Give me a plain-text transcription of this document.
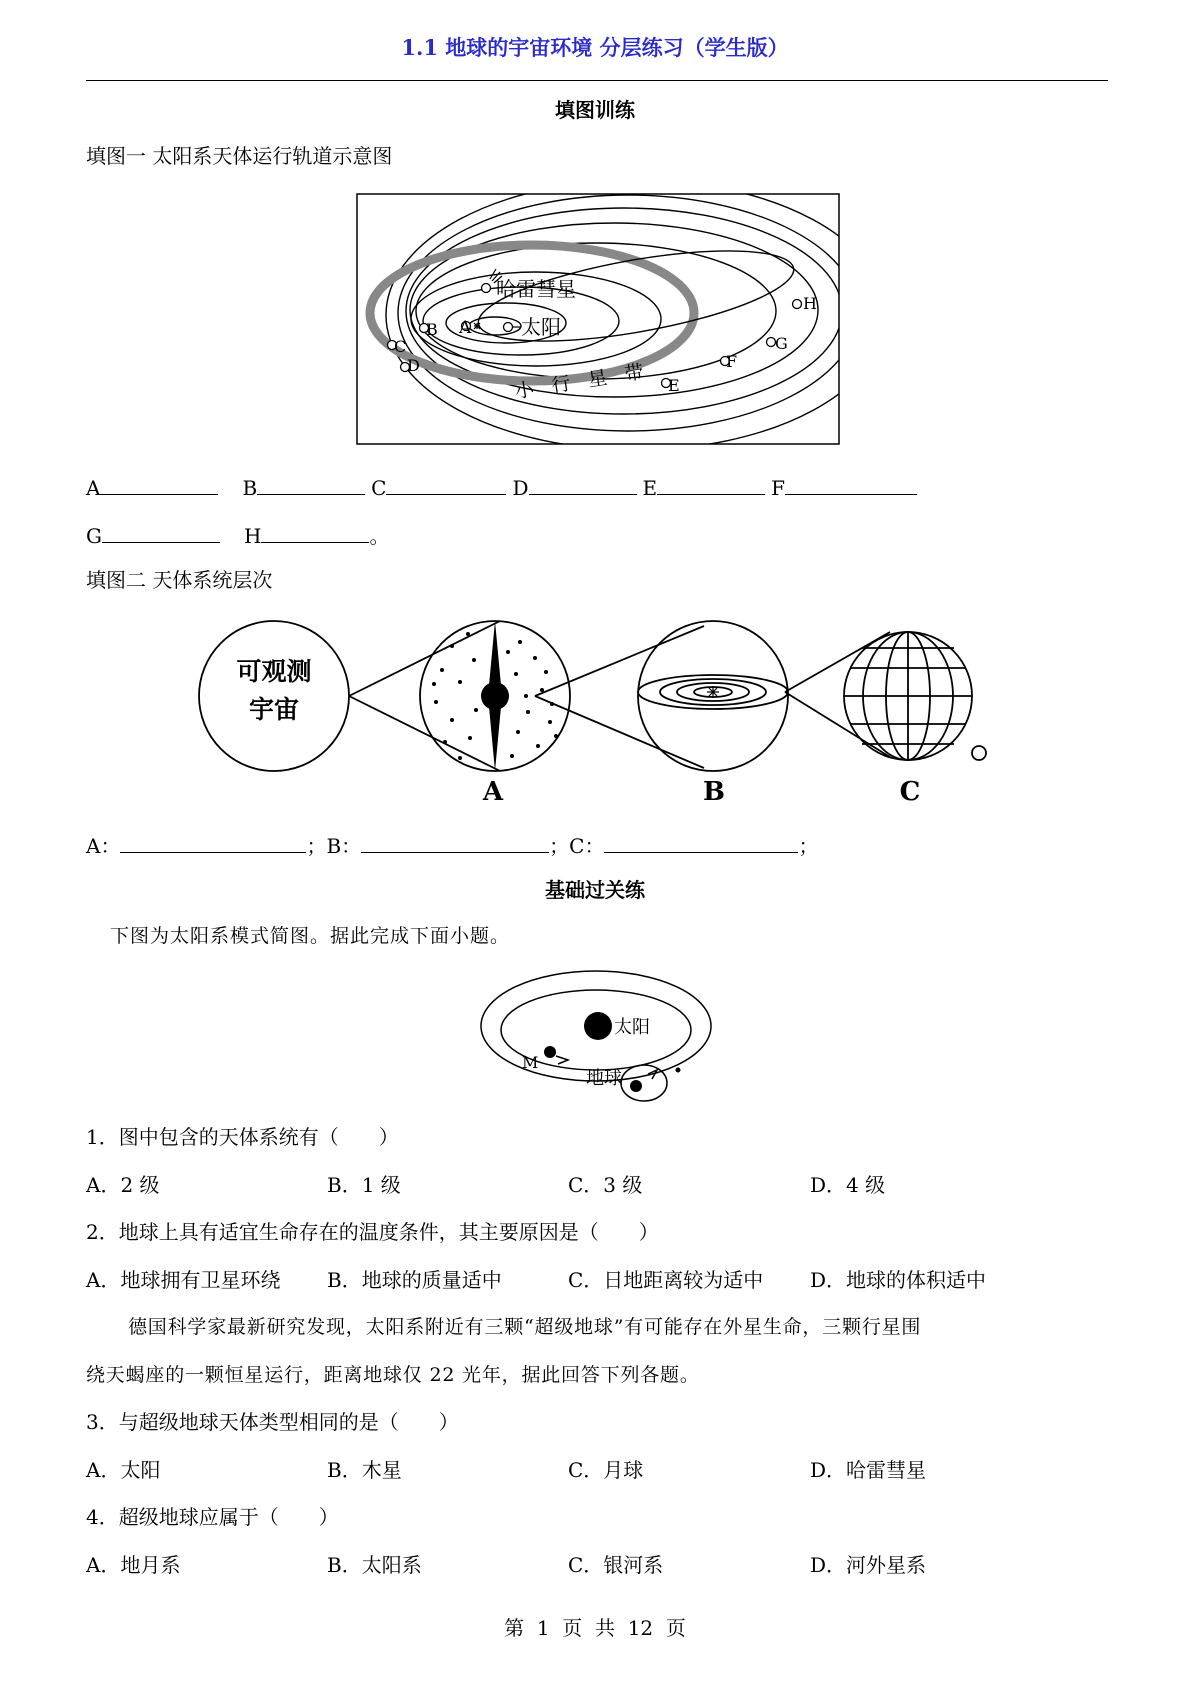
1.1 地球的宇宙环境 分层练习（学生版）
填图训练
填图一 太阳系天体运行轨道示意图
哈雷彗星
A 太阳
B
C
D
E
F
G
H
小 行 星 带
A	B	C	D	E	F
G	H	。
填图二 天体系统层次
可观测
宇宙
A	B	C
A：	；B：	；C：	；
基础过关练
下图为太阳系模式简图。据此完成下面小题。
太阳
M
地球
1．图中包含的天体系统有（　　）
A．2 级	B．1 级	C．3 级	D．4 级
2．地球上具有适宜生命存在的温度条件，其主要原因是（　　）
A．地球拥有卫星环绕 B．地球的质量适中	C．日地距离较为适中 D．地球的体积适中
德国科学家最新研究发现，太阳系附近有三颗“超级地球”有可能存在外星生命，三颗行星围
绕天蝎座的一颗恒星运行，距离地球仅 22 光年，据此回答下列各题。
3．与超级地球天体类型相同的是（　　）
A．太阳	B．木星	C．月球	D．哈雷彗星
4．超级地球应属于（　　）
A．地月系	B．太阳系	C．银河系	D．河外星系
第  1  页  共  12  页
